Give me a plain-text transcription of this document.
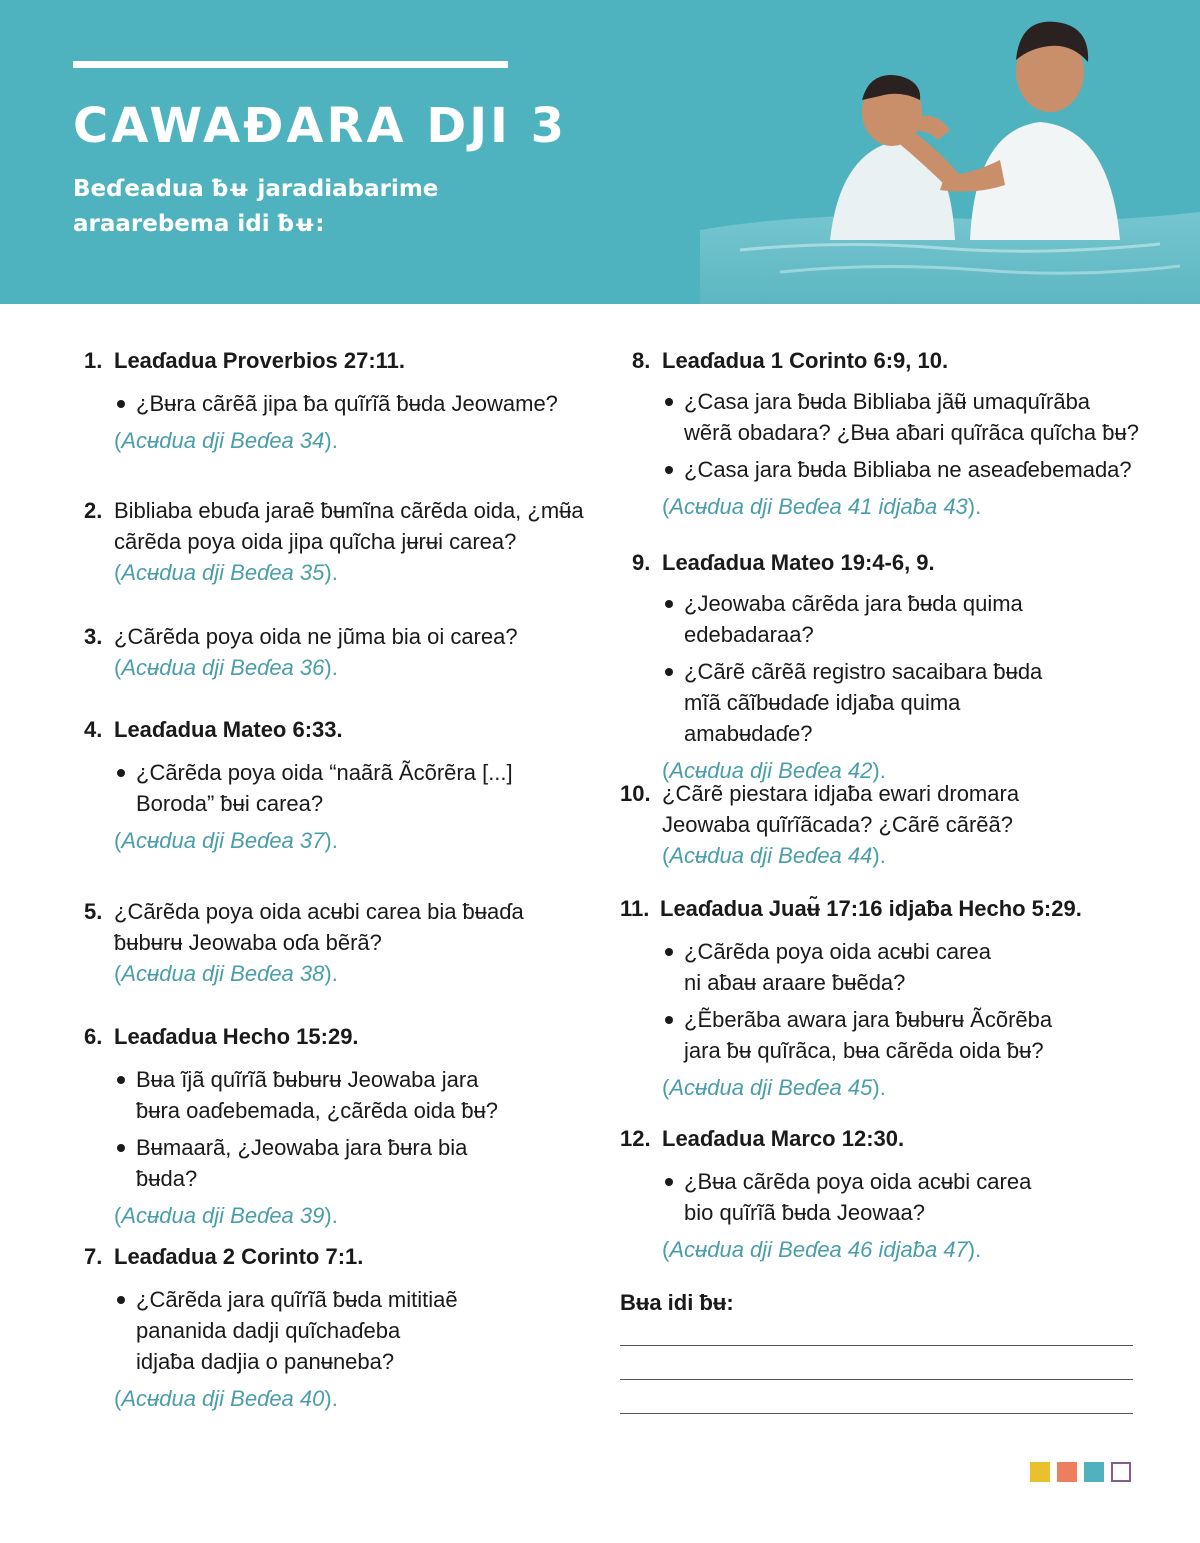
CAWAƉARA DJI 3

Beɗeadua ƀʉ jaradiabarime araarebema idi ƀʉ:

1. Leaɗadua Proverbios 27:11.
¿Bʉra cãrẽã jipa ƀa quĩrĩã ƀʉda Jeowame?
(Acʉdua dji Beɗea 34).
2. Bibliaba ebuɗa jaraẽ ƀʉmĩna cãrẽda oida, ¿mʉ̃a cãrẽda poya oida jipa quĩcha jʉrʉi carea?
(Acʉdua dji Beɗea 35).
3. ¿Cãrẽda poya oida ne jũma bia oi carea?
(Acʉdua dji Beɗea 36).
4. Leaɗadua Mateo 6:33.
¿Cãrẽda poya oida “naãrã Ãcõrẽra [...] Boroda” ƀʉi carea?
(Acʉdua dji Beɗea 37).
5. ¿Cãrẽda poya oida acʉbi carea bia ƀʉaɗa ƀʉbʉrʉ Jeowaba oɗa bẽrã?
(Acʉdua dji Beɗea 38).
6. Leaɗadua Hecho 15:29.
Bʉa ĩjã quĩrĩã ƀʉbʉrʉ Jeowaba jara ƀʉra oaɗebemada, ¿cãrẽda oida ƀʉ?
Bʉmaarã, ¿Jeowaba jara ƀʉra bia ƀʉda?
(Acʉdua dji Beɗea 39).
7. Leaɗadua 2 Corinto 7:1.
¿Cãrẽda jara quĩrĩã ƀʉda mititiaẽ pananida dadji quĩchaɗeba idjaƀa dadjia o panʉneba?
(Acʉdua dji Beɗea 40).
8. Leaɗadua 1 Corinto 6:9, 10.
¿Casa jara ƀʉda Bibliaba jãʉ̃ umaquĩrãba wẽrã obadara? ¿Bʉa aƀari quĩrãca quĩcha ƀʉ?
¿Casa jara ƀʉda Bibliaba ne aseaɗebemada?
(Acʉdua dji Beɗea 41 idjaƀa 43).
9. Leaɗadua Mateo 19:4-6, 9.
¿Jeowaba cãrẽda jara ƀʉda quima edebadaraa?
¿Cãrẽ cãrẽã registro sacaibara ƀʉda mĩã cãĩbʉdaɗe idjaƀa quima amabʉdaɗe?
(Acʉdua dji Beɗea 42).
10. ¿Cãrẽ piestara idjaƀa ewari dromara Jeowaba quĩrĩãcada? ¿Cãrẽ cãrẽã?
(Acʉdua dji Beɗea 44).
11. Leaɗadua Juaʉ̃ 17:16 idjaƀa Hecho 5:29.
¿Cãrẽda poya oida acʉbi carea ni aƀaʉ araare ƀʉẽda?
¿Ẽberãba awara jara ƀʉbʉrʉ Ãcõrẽba jara ƀʉ quĩrãca, bʉa cãrẽda oida ƀʉ?
(Acʉdua dji Beɗea 45).
12. Leaɗadua Marco 12:30.
¿Bʉa cãrẽda poya oida acʉbi carea bio quĩrĩã ƀʉda Jeowaa?
(Acʉdua dji Beɗea 46 idjaƀa 47).

Bʉa idi ƀʉ:
